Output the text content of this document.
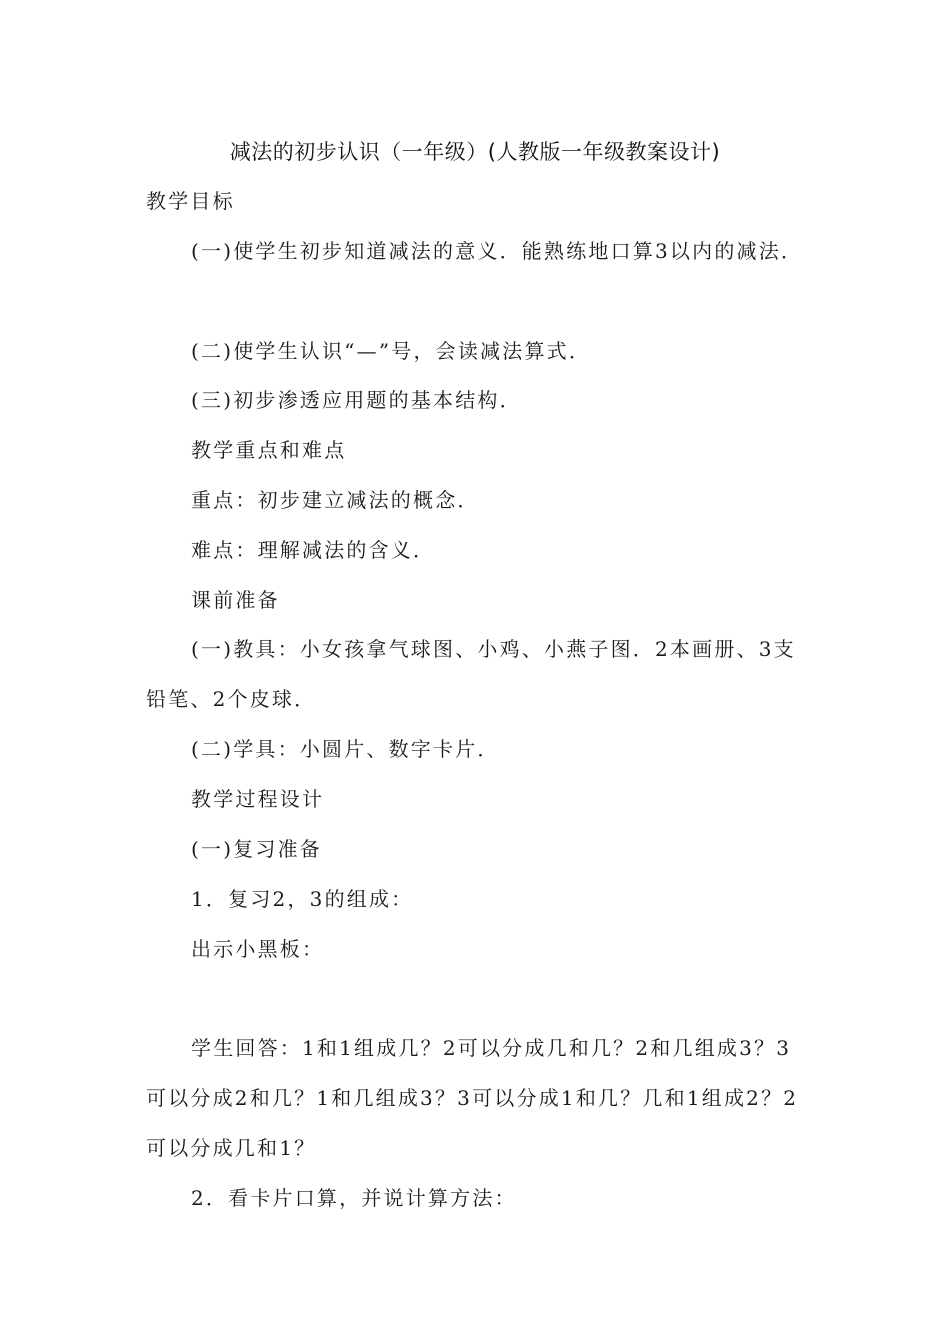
减法的初步认识（一年级）(人教版一年级教案设计)
教学目标
(一)使学生初步知道减法的意义．能熟练地口算3以内的减法．
(二)使学生认识“—”号，会读减法算式．
(三)初步渗透应用题的基本结构．
教学重点和难点
重点：初步建立减法的概念．
难点：理解减法的含义．
课前准备
(一)教具：小女孩拿气球图、小鸡、小燕子图．2本画册、3支铅笔、2个皮球．
(二)学具：小圆片、数字卡片．
教学过程设计
(一)复习准备
1．复习2，3的组成：
出示小黑板：
学生回答：1和1组成几？2可以分成几和几？2和几组成3？3可以分成2和几？1和几组成3？3可以分成1和几？几和1组成2？2可以分成几和1？
2．看卡片口算，并说计算方法：
